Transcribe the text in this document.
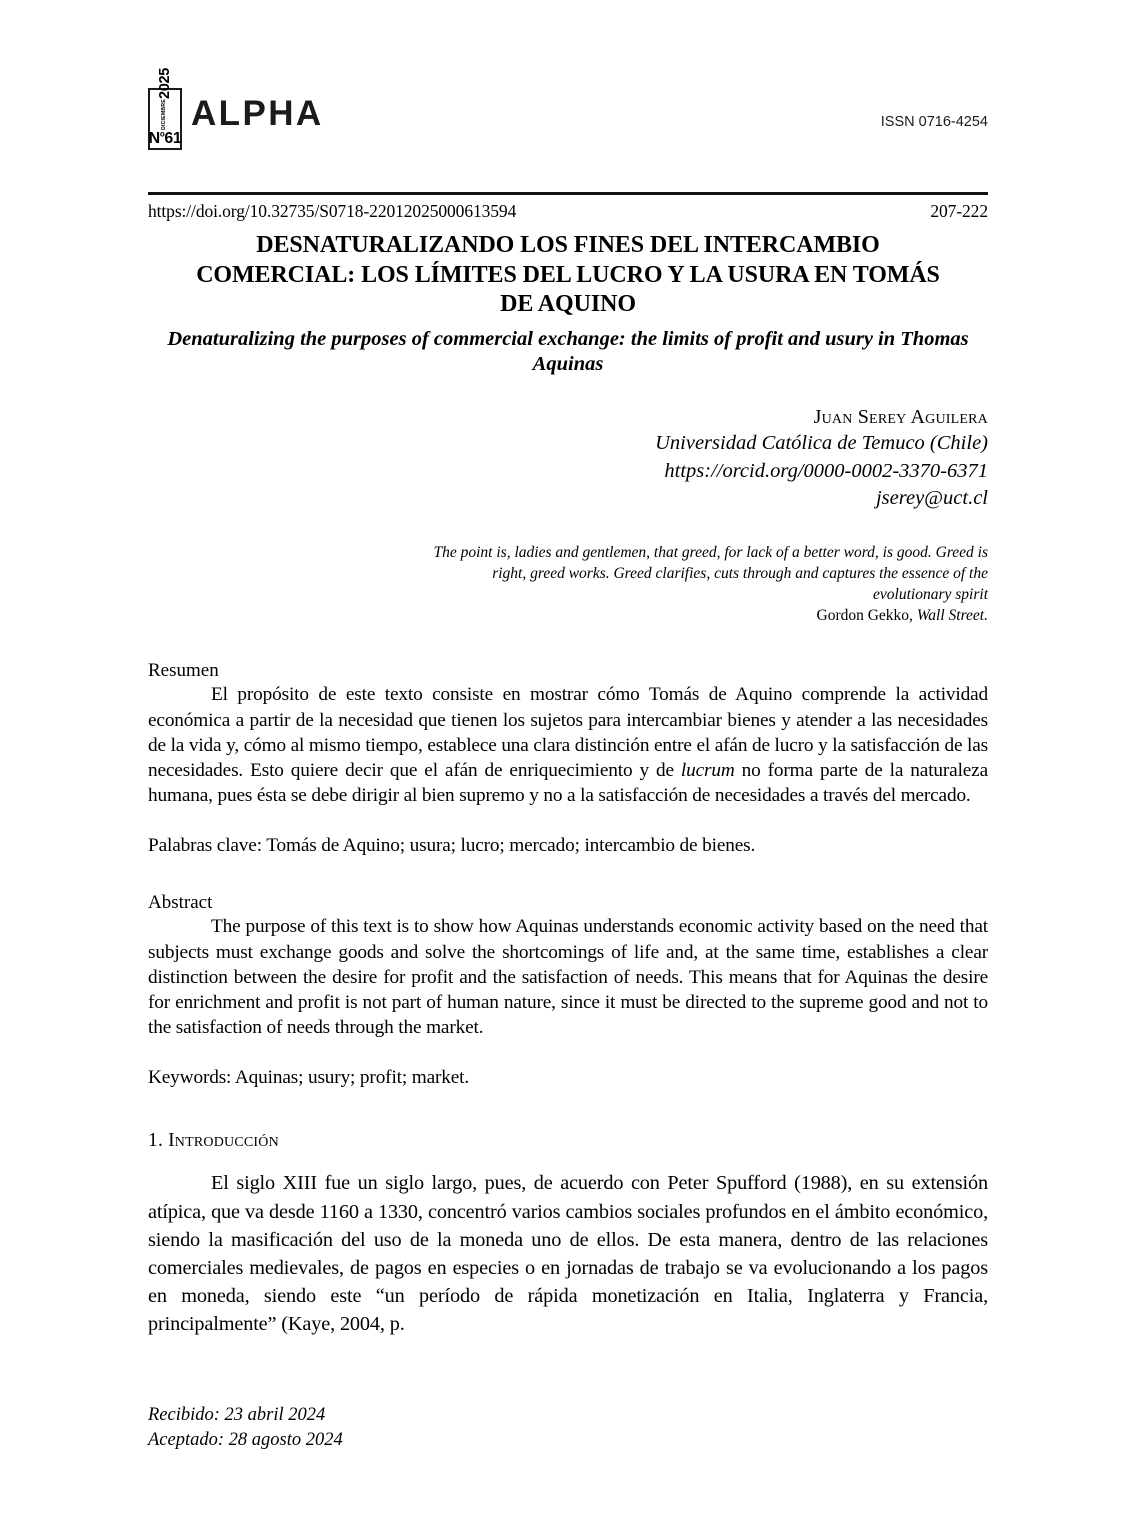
DICIEMBRE
2025
$N^o61$
ALPHA	ISSN 0716-4254
https://doi.org/10.32735/S0718-22012025000613594	207-222
DESNATURALIZANDO LOS FINES DEL INTERCAMBIO COMERCIAL: LOS LÍMITES DEL LUCRO Y LA USURA EN TOMÁS DE AQUINO
Denaturalizing the purposes of commercial exchange: the limits of profit and usury in Thomas Aquinas
Juan Serey Aguilera
Universidad Católica de Temuco (Chile)
https://orcid.org/0000-0002-3370-6371
jserey@uct.cl
The point is, ladies and gentlemen, that greed, for lack of a better word, is good. Greed is right, greed works. Greed clarifies, cuts through and captures the essence of the evolutionary spirit
Gordon Gekko, Wall Street.
Resumen

El propósito de este texto consiste en mostrar cómo Tomás de Aquino comprende la actividad económica a partir de la necesidad que tienen los sujetos para intercambiar bienes y atender a las necesidades de la vida y, cómo al mismo tiempo, establece una clara distinción entre el afán de lucro y la satisfacción de las necesidades. Esto quiere decir que el afán de enriquecimiento y de lucrum no forma parte de la naturaleza humana, pues ésta se debe dirigir al bien supremo y no a la satisfacción de necesidades a través del mercado.

Palabras clave: Tomás de Aquino; usura; lucro; mercado; intercambio de bienes.
Abstract

The purpose of this text is to show how Aquinas understands economic activity based on the need that subjects must exchange goods and solve the shortcomings of life and, at the same time, establishes a clear distinction between the desire for profit and the satisfaction of needs. This means that for Aquinas the desire for enrichment and profit is not part of human nature, since it must be directed to the supreme good and not to the satisfaction of needs through the market.

Keywords: Aquinas; usury; profit; market.
1. Introducción

El siglo XIII fue un siglo largo, pues, de acuerdo con Peter Spufford (1988), en su extensión atípica, que va desde 1160 a 1330, concentró varios cambios sociales profundos en el ámbito económico, siendo la masificación del uso de la moneda uno de ellos. De esta manera, dentro de las relaciones comerciales medievales, de pagos en especies o en jornadas de trabajo se va evolucionando a los pagos en moneda, siendo este “un período de rápida monetización en Italia, Inglaterra y Francia, principalmente” (Kaye, 2004, p.

Recibido: 23 abril 2024
Aceptado: 28 agosto 2024
